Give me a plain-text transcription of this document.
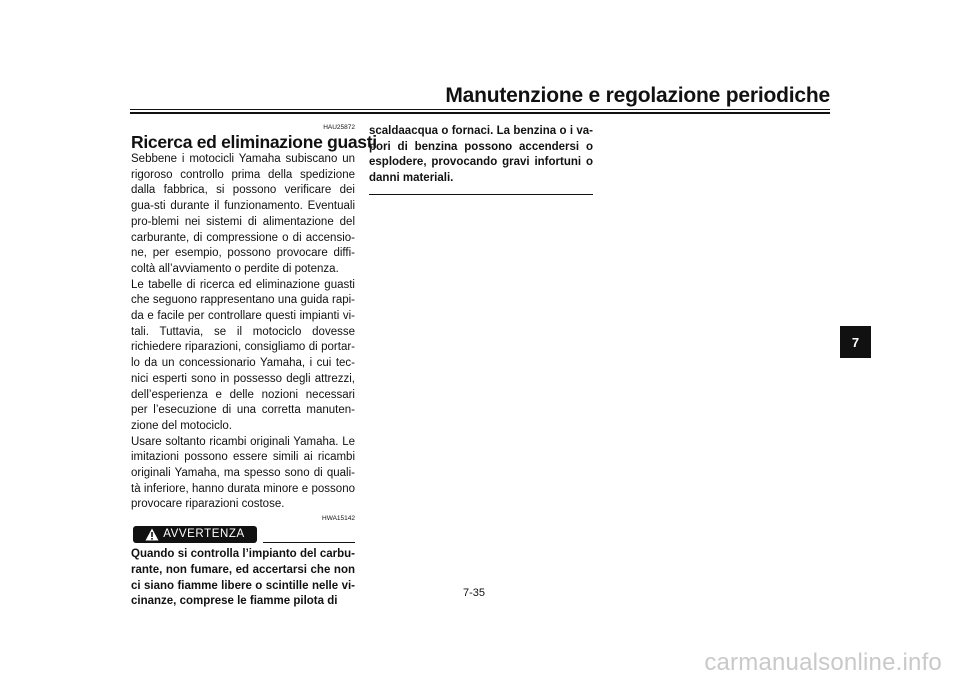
Manutenzione e regolazione periodiche
HAU25872
Ricerca ed eliminazione guasti

Sebbene i motocicli Yamaha subiscano un rigoroso controllo prima della spedizione dalla fabbrica, si possono verificare dei gua-sti durante il funzionamento. Eventuali pro-blemi nei sistemi di alimentazione del carburante, di compressione o di accensio-ne, per esempio, possono provocare diffi-coltà all’avviamento o perdite di potenza.

Le tabelle di ricerca ed eliminazione guasti che seguono rappresentano una guida rapi-da e facile per controllare questi impianti vi-tali. Tuttavia, se il motociclo dovesse richiedere riparazioni, consigliamo di portar-lo da un concessionario Yamaha, i cui tec-nici esperti sono in possesso degli attrezzi, dell’esperienza e delle nozioni necessari per l’esecuzione di una corretta manuten-zione del motociclo.

Usare soltanto ricambi originali Yamaha. Le imitazioni possono essere simili ai ricambi originali Yamaha, ma spesso sono di quali-tà inferiore, hanno durata minore e possono provocare riparazioni costose.

HWA15142
AVVERTENZA

Quando si controlla l’impianto del carbu-rante, non fumare, ed accertarsi che non ci siano fiamme libere o scintille nelle vi-cinanze, comprese le fiamme pilota di

scaldaacqua o fornaci. La benzina o i va-pori di benzina possono accendersi o esplodere, provocando gravi infortuni o danni materiali.

7-35
7
carmanualsonline.info
